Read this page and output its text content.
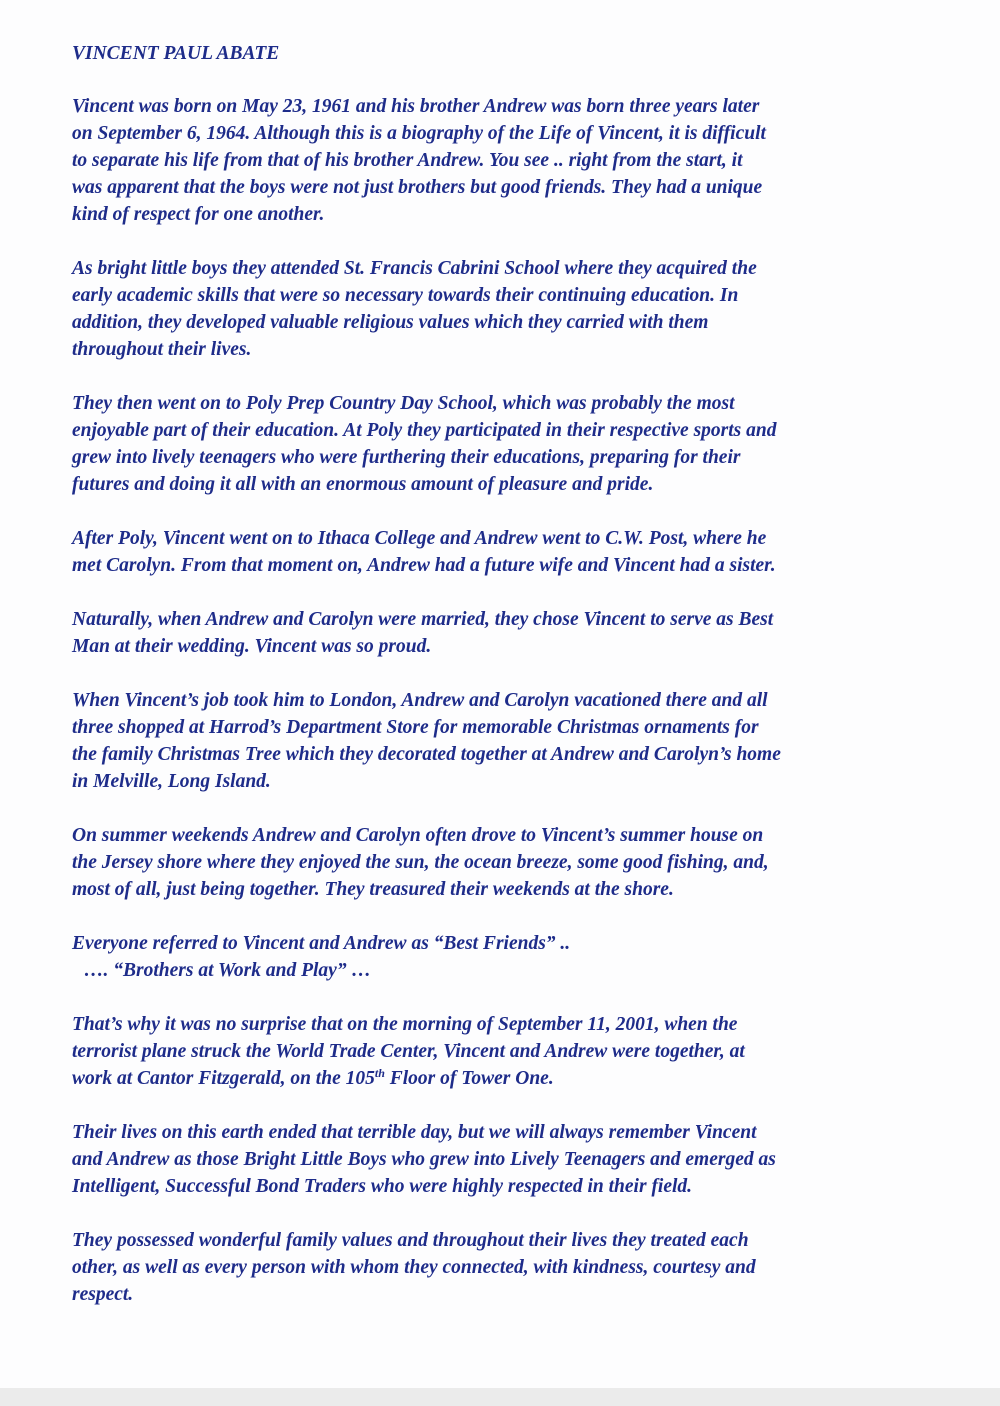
VINCENT PAUL ABATE

Vincent was born on May 23, 1961 and his brother Andrew was born three years later
on September 6, 1964. Although this is a biography of the Life of Vincent, it is difficult
to separate his life from that of his brother Andrew. You see .. right from the start, it
was apparent that the boys were not just brothers but good friends. They had a unique
kind of respect for one another.

As bright little boys they attended St. Francis Cabrini School where they acquired the
early academic skills that were so necessary towards their continuing education. In
addition, they developed valuable religious values which they carried with them
throughout their lives.

They then went on to Poly Prep Country Day School, which was probably the most
enjoyable part of their education. At Poly they participated in their respective sports and
grew into lively teenagers who were furthering their educations, preparing for their
futures and doing it all with an enormous amount of pleasure and pride.

After Poly, Vincent went on to Ithaca College and Andrew went to C.W. Post, where he
met Carolyn. From that moment on, Andrew had a future wife and Vincent had a sister.

Naturally, when Andrew and Carolyn were married, they chose Vincent to serve as Best
Man at their wedding. Vincent was so proud.

When Vincent’s job took him to London, Andrew and Carolyn vacationed there and all
three shopped at Harrod’s Department Store for memorable Christmas ornaments for
the family Christmas Tree which they decorated together at Andrew and Carolyn’s home
in Melville, Long Island.

On summer weekends Andrew and Carolyn often drove to Vincent’s summer house on
the Jersey shore where they enjoyed the sun, the ocean breeze, some good fishing, and,
most of all, just being together. They treasured their weekends at the shore.

Everyone referred to Vincent and Andrew as “Best Friends” ..
…. “Brothers at Work and Play” …

That’s why it was no surprise that on the morning of September 11, 2001, when the
terrorist plane struck the World Trade Center, Vincent and Andrew were together, at
work at Cantor Fitzgerald, on the 105th Floor of Tower One.

Their lives on this earth ended that terrible day, but we will always remember Vincent
and Andrew as those Bright Little Boys who grew into Lively Teenagers and emerged as
Intelligent, Successful Bond Traders who were highly respected in their field.

They possessed wonderful family values and throughout their lives they treated each
other, as well as every person with whom they connected, with kindness, courtesy and
respect.
